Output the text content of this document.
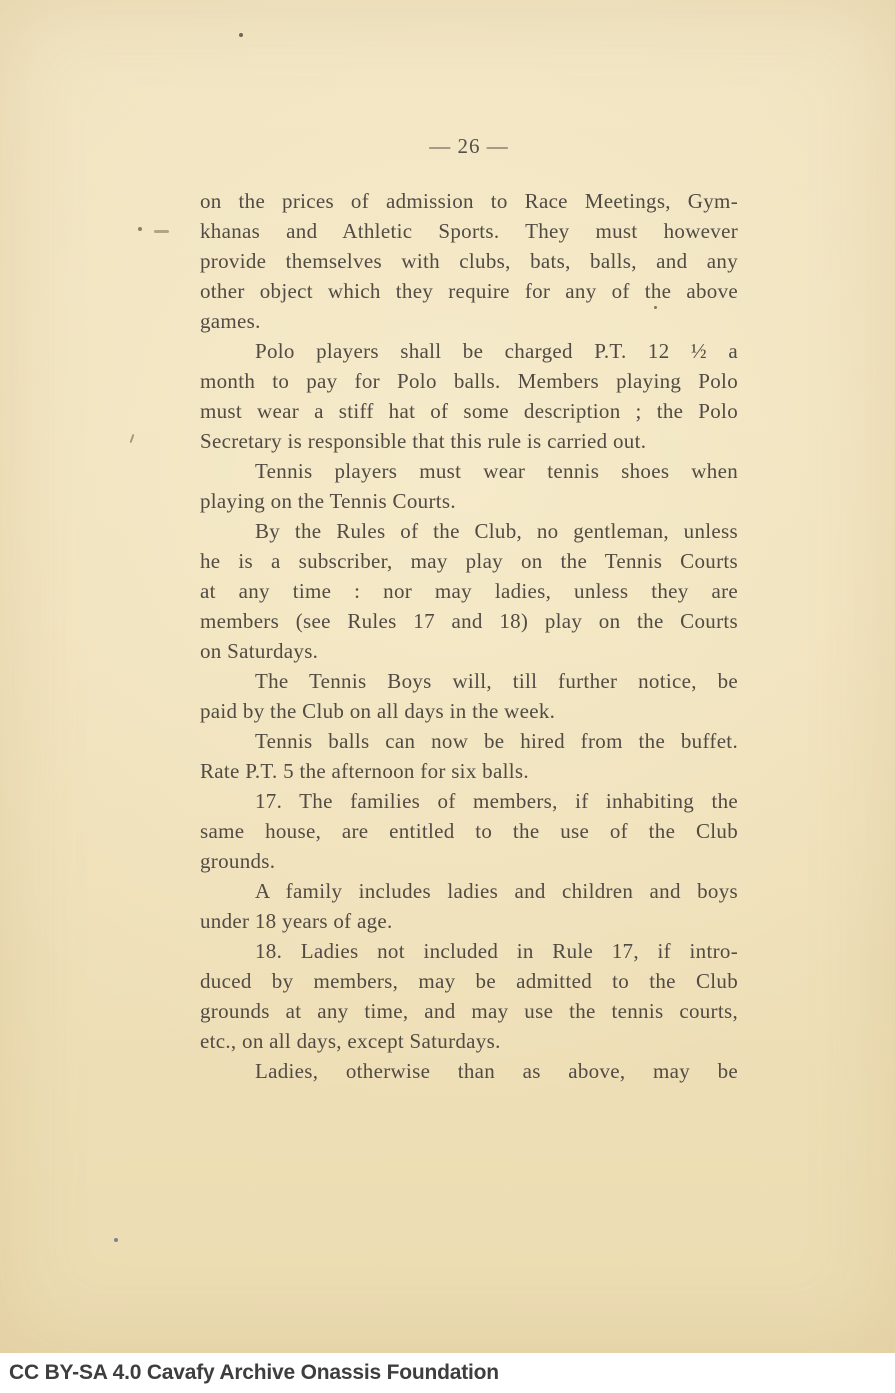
— 26 —

on the prices of admission to Race Meetings, Gym-
khanas and Athletic Sports. They must however
provide themselves with clubs, bats, balls, and any
other object which they require for any of the above
games.

Polo players shall be charged P.T. 12 ½ a
month to pay for Polo balls. Members playing Polo
must wear a stiff hat of some description ; the Polo
Secretary is responsible that this rule is carried out.

Tennis players must wear tennis shoes when
playing on the Tennis Courts.

By the Rules of the Club, no gentleman, unless
he is a subscriber, may play on the Tennis Courts
at any time : nor may ladies, unless they are
members (see Rules 17 and 18) play on the Courts
on Saturdays.

The Tennis Boys will, till further notice, be
paid by the Club on all days in the week.

Tennis balls can now be hired from the buffet.
Rate P.T. 5 the afternoon for six balls.

17. The families of members, if inhabiting the
same house, are entitled to the use of the Club
grounds.

A family includes ladies and children and boys
under 18 years of age.

18. Ladies not included in Rule 17, if intro-
duced by members, may be admitted to the Club
grounds at any time, and may use the tennis courts,
etc., on all days, except Saturdays.

Ladies, otherwise than as above, may be

CC BY-SA 4.0 Cavafy Archive Onassis Foundation
